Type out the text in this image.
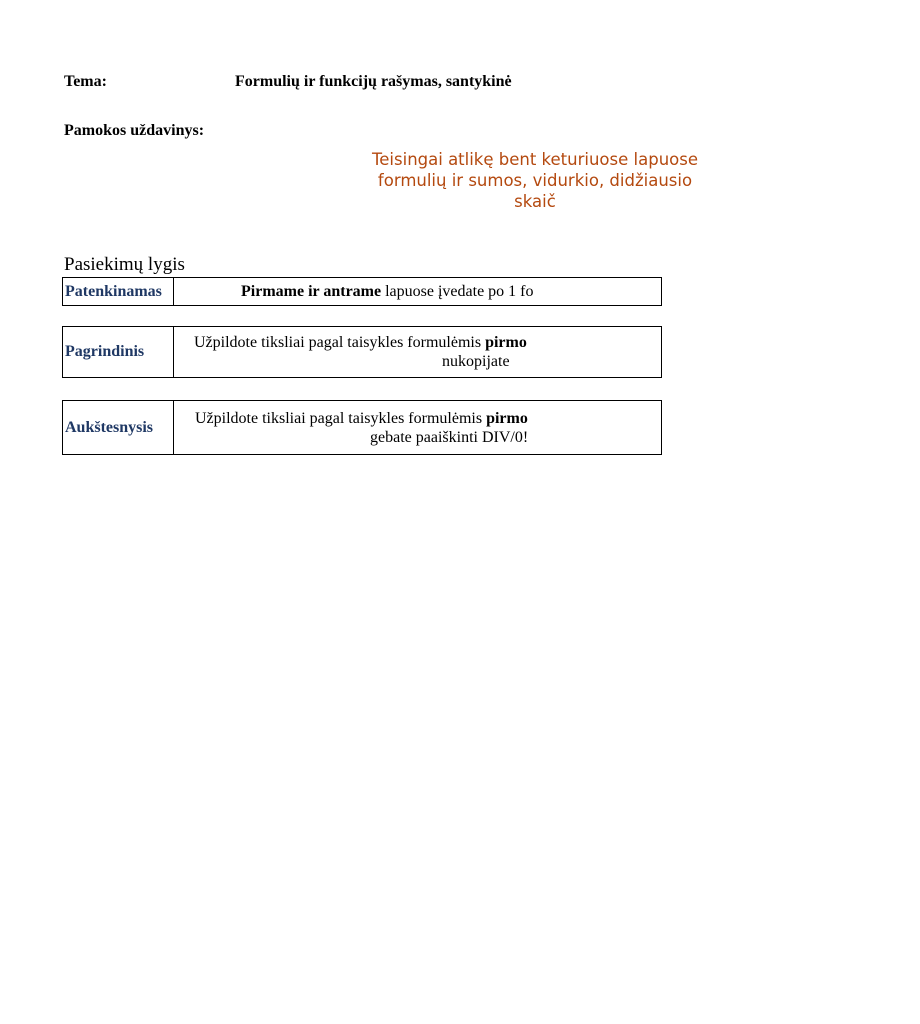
Tema:	Formulių ir funkcijų rašymas, santykinė
Pamokos uždavinys:
Teisingai atlikę bent keturiuose lapuose
formulių ir sumos, vidurkio, didžiausio
skaič
Pasiekimų lygis
Patenkinamas	Pirmame ir antrame lapuose įvedate po 1 fo
Pagrindinis
Užpildote tiksliai pagal taisykles formulėmis pirmo
nukopijate
Aukštesnysis
Užpildote tiksliai pagal taisykles formulėmis pirmo
gebate paaiškinti DIV/0!
